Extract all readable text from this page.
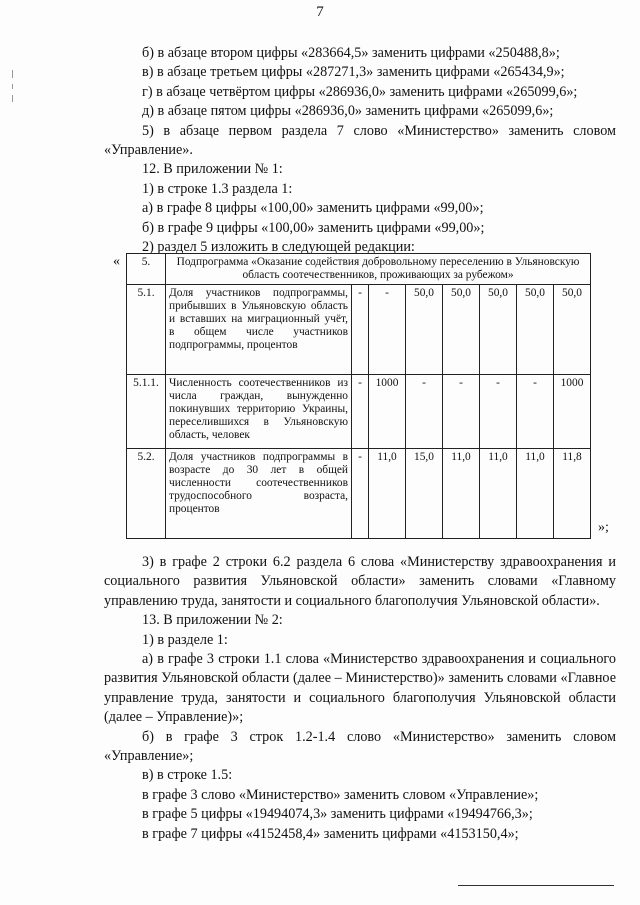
7

б) в абзаце втором цифры «283664,5» заменить цифрами «250488,8»;

в) в абзаце третьем цифры «287271,3» заменить цифрами «265434,9»;

г) в абзаце четвёртом цифры «286936,0» заменить цифрами «265099,6»;

д) в абзаце пятом цифры «286936,0» заменить цифрами «265099,6»;

5) в абзаце первом раздела 7 слово «Министерство» заменить словом «Управление».

12. В приложении № 1:

1) в строке 1.3 раздела 1:

а) в графе 8 цифры «100,00» заменить цифрами «99,00»;

б) в графе 9 цифры «100,00» заменить цифрами «99,00»;

2) раздел 5 изложить в следующей редакции:

« 5.	Подпрограмма «Оказание содействия добровольному переселению в Ульяновскую область соотечественников, проживающих за рубежом»							
5.1.	Доля участников подпрограммы, прибывших в Ульяновскую область и вставших на миграционный учёт, в общем числе участников подпрограммы, процентов	-	-	50,0	50,0	50,0	50,0	50,0
5.1.1.	Численность соотечественников из числа граждан, вынужденно покинувших территорию Украины, переселившихся в Ульяновскую область, человек	-	1000	-	-	-	-	1000
5.2.	Доля участников подпрограммы в возрасте до 30 лет в общей численности соотечественников трудоспособного возраста, процентов	-	11,0	15,0	11,0	11,0	11,0	11,8
»;

3) в графе 2 строки 6.2 раздела 6 слова «Министерству здравоохранения и социального развития Ульяновской области» заменить словами «Главному управлению труда, занятости и социального благополучия Ульяновской области».

13. В приложении № 2:

1) в разделе 1:

а) в графе 3 строки 1.1 слова «Министерство здравоохранения и социального развития Ульяновской области (далее – Министерство)» заменить словами «Главное управление труда, занятости и социального благополучия Ульяновской области (далее – Управление)»;

б) в графе 3 строк 1.2-1.4 слово «Министерство» заменить словом «Управление»;

в) в строке 1.5:

в графе 3 слово «Министерство» заменить словом «Управление»;

в графе 5 цифры «19494074,3» заменить цифрами «19494766,3»;

в графе 7 цифры «4152458,4» заменить цифрами «4153150,4»;
